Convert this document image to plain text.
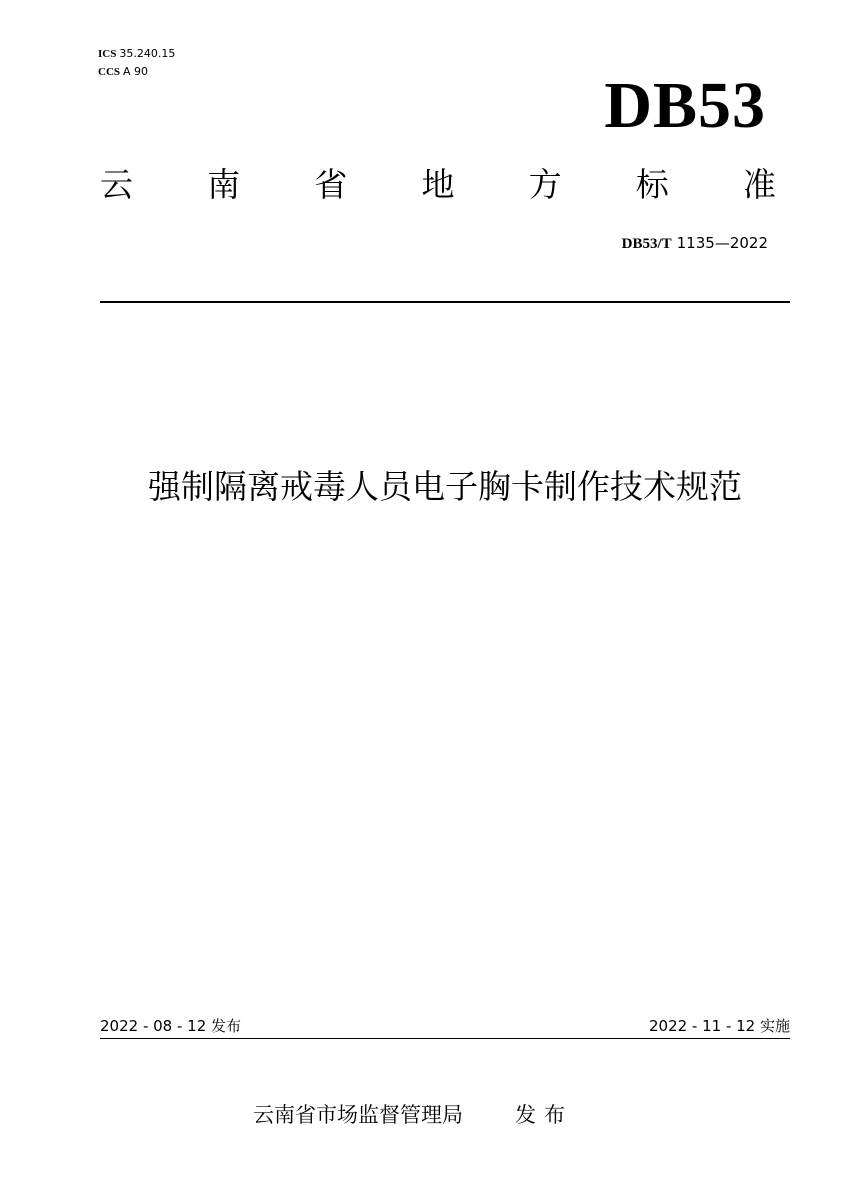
ICS 35.240.15
CCS A 90	DB53
云 南 省 地 方 标 准
DB53/T 1135—2022
强制隔离戒毒人员电子胸卡制作技术规范
2022 - 08 - 12 发布	2022 - 11 - 12 实施
云南省市场监督管理局 发布
